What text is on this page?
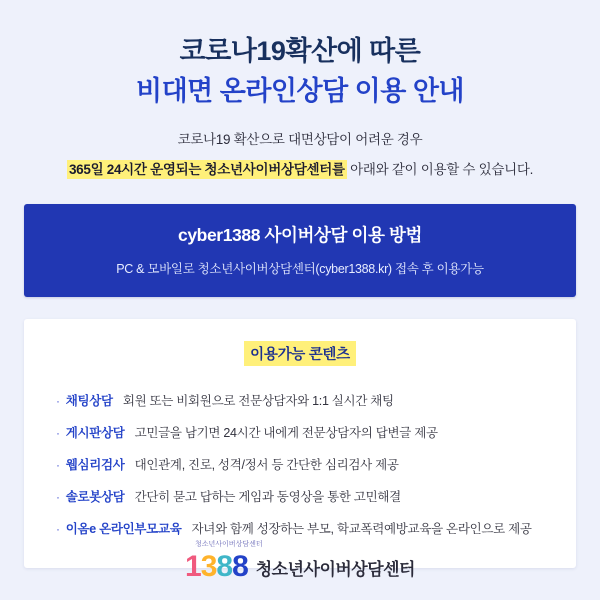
코로나19확산에 따른
비대면 온라인상담 이용 안내
코로나19 확산으로 대면상담이 어려운 경우
365일 24시간 운영되는 청소년사이버상담센터를 아래와 같이 이용할 수 있습니다.
cyber1388 사이버상담 이용 방법
PC & 모바일로 청소년사이버상담센터(cyber1388.kr) 접속 후 이용가능
이용가능 콘텐츠
· 채팅상담 회원 또는 비회원으로 전문상담자와 1:1 실시간 채팅
· 게시판상담 고민글을 남기면 24시간 내에게 전문상담자의 답변글 제공
· 웹심리검사 대인관계, 진로, 성격/정서 등 간단한 심리검사 제공
· 솔로봇상담 간단히 묻고 답하는 게임과 동영상을 통한 고민해결
· 이옴e 온라인부모교육 자녀와 함께 성장하는 부모, 학교폭력예방교육을 온라인으로 제공
청소년사이버상담센터
1 3 8 8 청소년사이버상담센터
